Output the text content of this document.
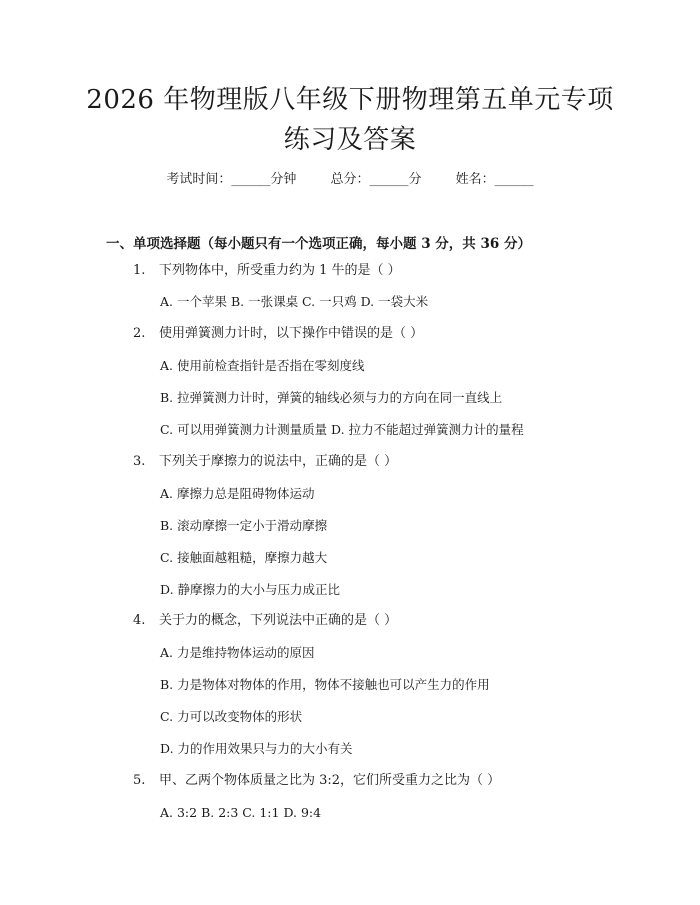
2026 年物理版八年级下册物理第五单元专项
练习及答案
考试时间：______分钟	总分：______分	姓名：______
一、单项选择题（每小题只有一个选项正确，每小题 3 分，共 36 分）
1. 下列物体中，所受重力约为 1 牛的是（ ）
A. 一个苹果 B. 一张课桌 C. 一只鸡 D. 一袋大米
2. 使用弹簧测力计时，以下操作中错误的是（ ）
A. 使用前检查指针是否指在零刻度线
B. 拉弹簧测力计时，弹簧的轴线必须与力的方向在同一直线上
C. 可以用弹簧测力计测量质量 D. 拉力不能超过弹簧测力计的量程
3. 下列关于摩擦力的说法中，正确的是（ ）
A. 摩擦力总是阻碍物体运动
B. 滚动摩擦一定小于滑动摩擦
C. 接触面越粗糙，摩擦力越大
D. 静摩擦力的大小与压力成正比
4. 关于力的概念，下列说法中正确的是（ ）
A. 力是维持物体运动的原因
B. 力是物体对物体的作用，物体不接触也可以产生力的作用
C. 力可以改变物体的形状
D. 力的作用效果只与力的大小有关
5. 甲、乙两个物体质量之比为 3:2，它们所受重力之比为（ ）
A. 3:2 B. 2:3 C. 1:1 D. 9:4
